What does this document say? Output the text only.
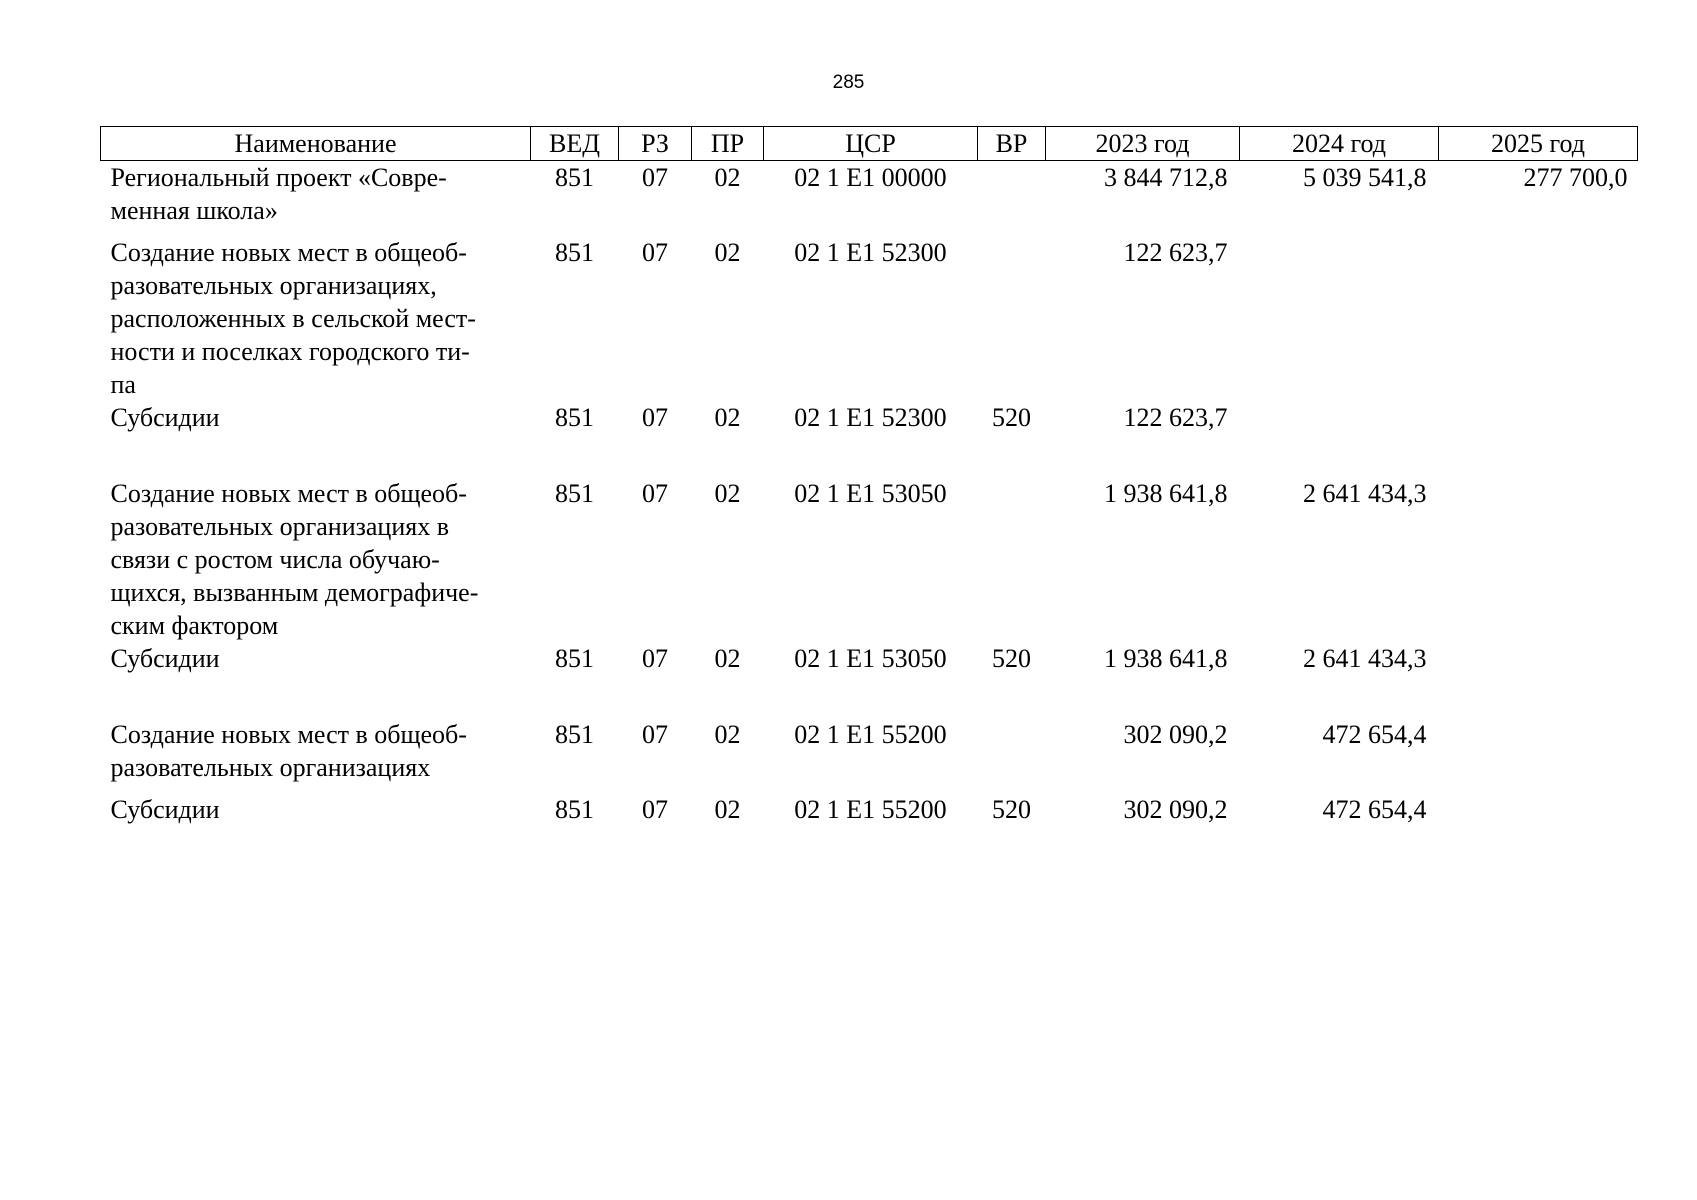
285
Наименование	ВЕД	РЗ	ПР	ЦСР	ВР	2023 год	2024 год	2025 год
Региональный проект «Совре-
менная школа»	851	07	02	02 1 E1 00000		3 844 712,8	5 039 541,8	277 700,0
Создание новых мест в общеоб-
разовательных организациях,
расположенных в сельской мест-
ности и поселках городского ти-
па	851	07	02	02 1 E1 52300		122 623,7		
Субсидии	851	07	02	02 1 E1 52300	520	122 623,7		
Создание новых мест в общеоб-
разовательных организациях в
связи с ростом числа обучаю-
щихся, вызванным демографиче-
ским фактором	851	07	02	02 1 E1 53050		1 938 641,8	2 641 434,3	
Субсидии	851	07	02	02 1 E1 53050	520	1 938 641,8	2 641 434,3	
Создание новых мест в общеоб-
разовательных организациях	851	07	02	02 1 E1 55200		302 090,2	472 654,4	
Субсидии	851	07	02	02 1 E1 55200	520	302 090,2	472 654,4	
